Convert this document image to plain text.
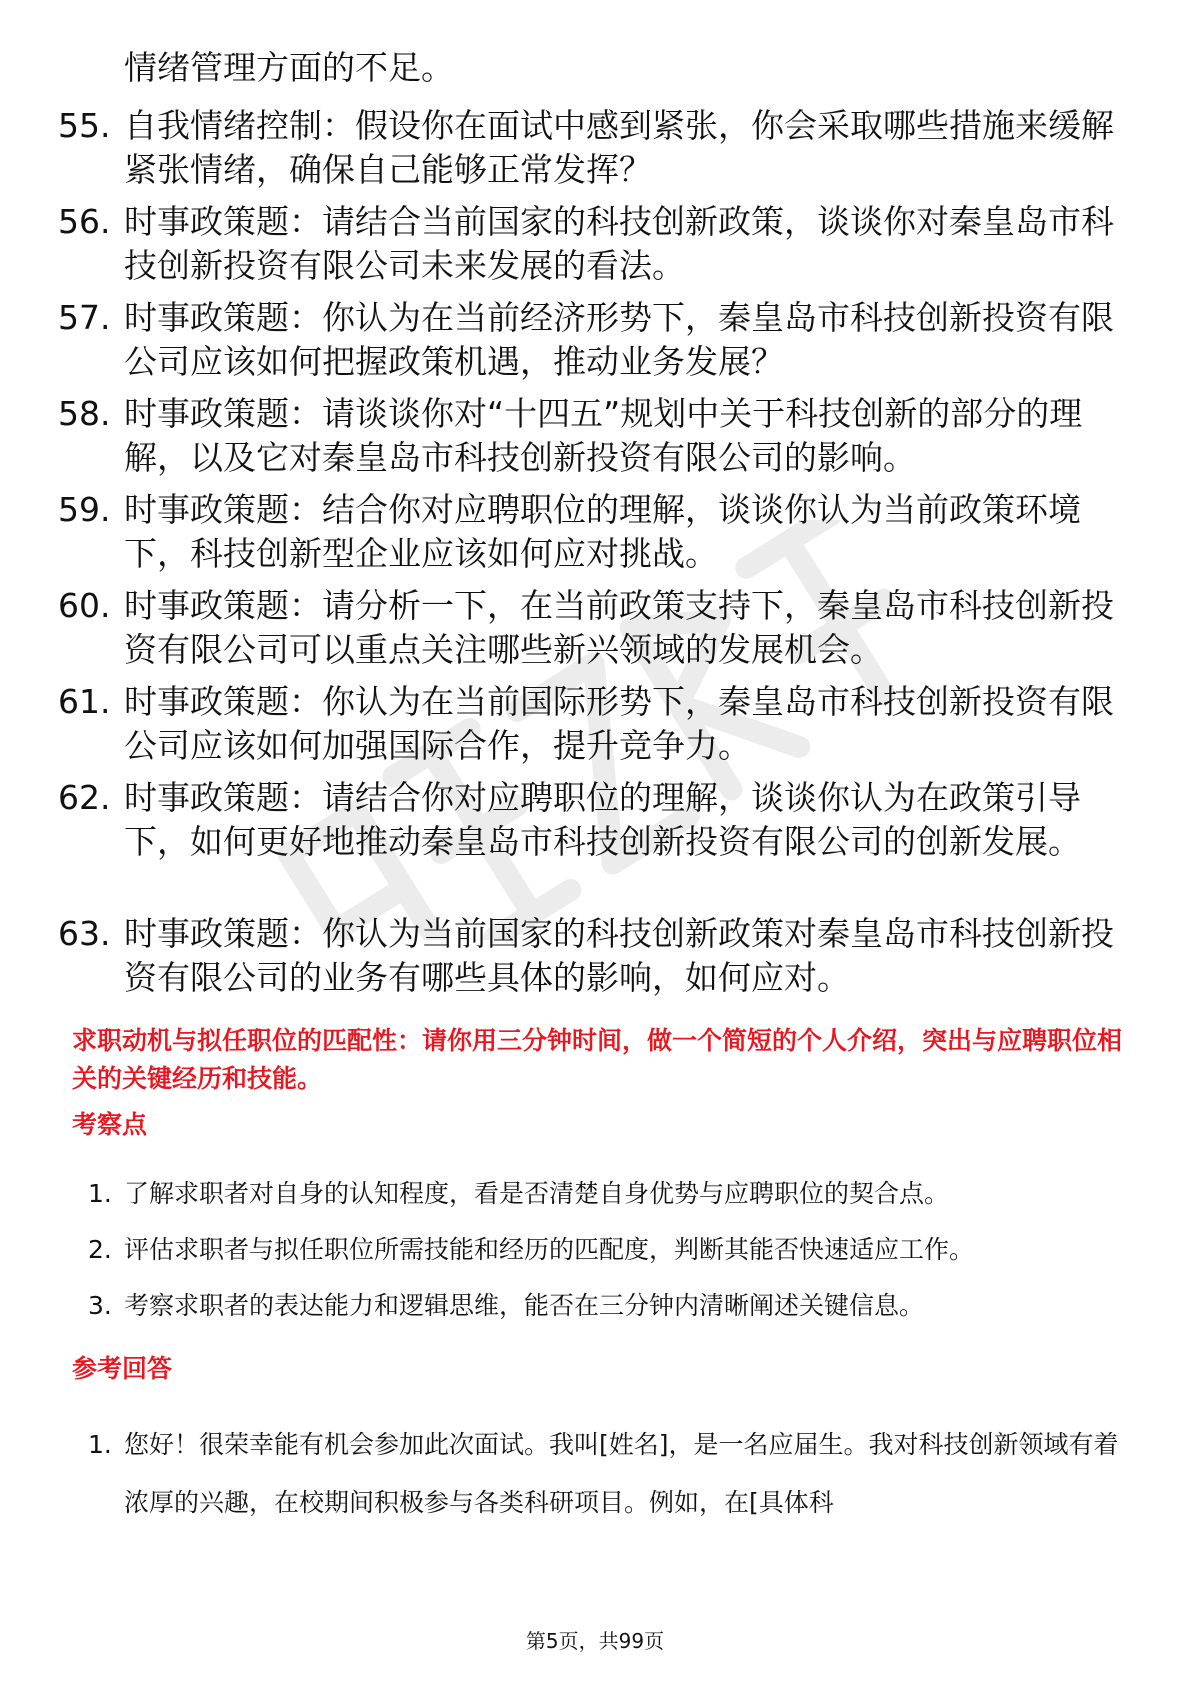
情绪管理方面的不足。
55. 自我情绪控制：假设你在面试中感到紧张，你会采取哪些措施来缓解紧张情绪，确保自己能够正常发挥？
56. 时事政策题：请结合当前国家的科技创新政策，谈谈你对秦皇岛市科技创新投资有限公司未来发展的看法。
57. 时事政策题：你认为在当前经济形势下，秦皇岛市科技创新投资有限公司应该如何把握政策机遇，推动业务发展？
58. 时事政策题：请谈谈你对“十四五”规划中关于科技创新的部分的理解，以及它对秦皇岛市科技创新投资有限公司的影响。
59. 时事政策题：结合你对应聘职位的理解，谈谈你认为当前政策环境下，科技创新型企业应该如何应对挑战。
60. 时事政策题：请分析一下，在当前政策支持下，秦皇岛市科技创新投资有限公司可以重点关注哪些新兴领域的发展机会。
61. 时事政策题：你认为在当前国际形势下，秦皇岛市科技创新投资有限公司应该如何加强国际合作，提升竞争力。
62. 时事政策题：请结合你对应聘职位的理解，谈谈你认为在政策引导下，如何更好地推动秦皇岛市科技创新投资有限公司的创新发展。
63. 时事政策题：你认为当前国家的科技创新政策对秦皇岛市科技创新投资有限公司的业务有哪些具体的影响，如何应对。
求职动机与拟任职位的匹配性：请你用三分钟时间，做一个简短的个人介绍，突出与应聘职位相关的关键经历和技能。
考察点
1. 了解求职者对自身的认知程度，看是否清楚自身优势与应聘职位的契合点。
2. 评估求职者与拟任职位所需技能和经历的匹配度，判断其能否快速适应工作。
3. 考察求职者的表达能力和逻辑思维，能否在三分钟内清晰阐述关键信息。
参考回答
1. 您好！很荣幸能有机会参加此次面试。我叫[姓名]，是一名应届生。我对科技创新领域有着浓厚的兴趣，在校期间积极参与各类科研项目。例如，在[具体科
第5页，共99页
